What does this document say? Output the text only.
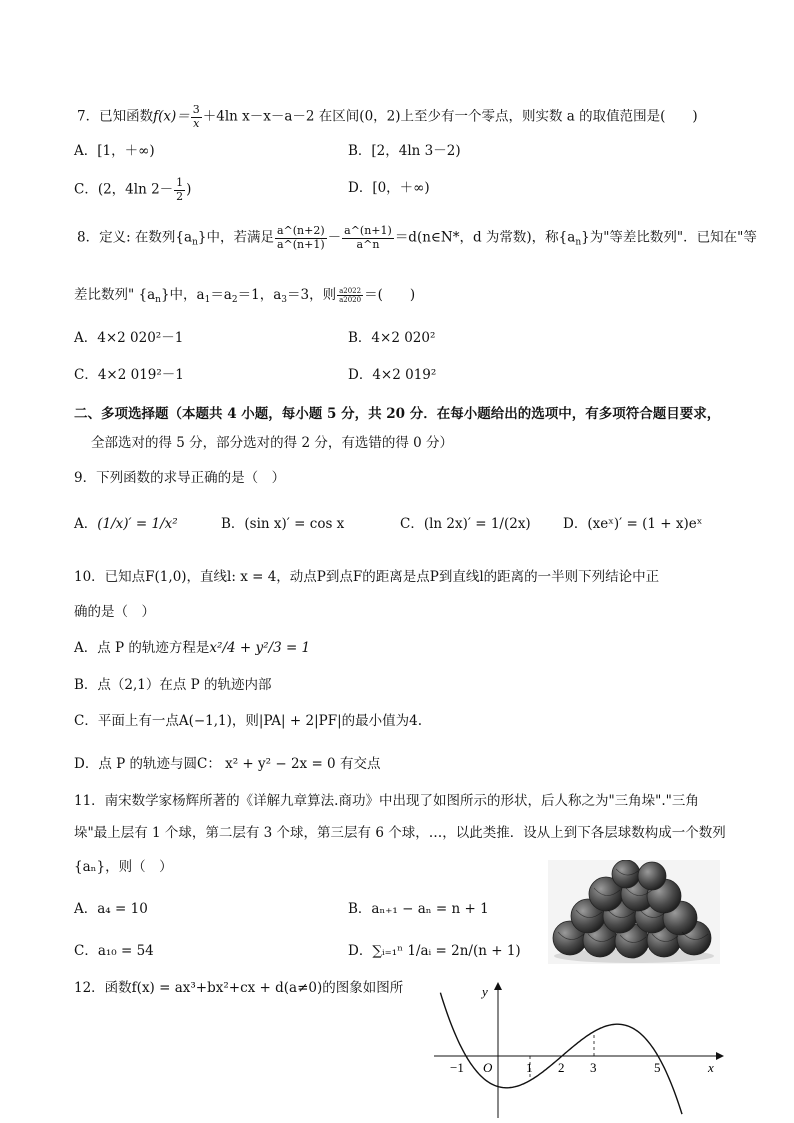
7．已知函数$f(x)= \frac{3}{x} +4\ln$ x－x－a－2 在区间(0，2)上至少有一个零点，则实数 a 的取值范围是(　　)
A．[1，＋∞)	B．[2，4ln 3－2)
C．(2，4ln $2- \frac{1}{2}$ )	D．[0，＋∞)
8．定义: 在数列$\{a_n\}$中，若满足 $\frac{a\^{}(n+2)}{a\^{}(n+1)} - \frac{a\^{}(n+1)}{a\^{}n}$ ＝d(n∈N*，d 为常数)，称$\{a_n\}$为"等差比数列"．已知在"等
差比数列" $\{a_n\}$中，$a_1=a_2=1$，$a_3=3$，则 $\frac{a2022}{a2020}$ ＝(　　)
A．4×2 020²－1	B．4×2 020²
C．4×2 019²－1	D．4×2 019²
二、多项选择题（本题共 4 小题，每小题 5 分，共 20 分．在每小题给出的选项中，有多项符合题目要求，
全部选对的得 5 分，部分选对的得 2 分，有选错的得 0 分）
9．下列函数的求导正确的是（　）
A．(1/x)′ = 1/x²	B．(sin x)′ = cos x	C．(ln 2x)′ = 1/(2x) D．(xeˣ)′ = (1 + x)eˣ
10．已知点F(1,0)，直线l: x = 4，动点P到点F的距离是点P到直线l的距离的一半则下列结论中正
确的是（　）
A．点 P 的轨迹方程是x²/4 + y²/3 = 1
B．点（2,1）在点 P 的轨迹内部
C．平面上有一点A(−1,1)，则|PA| + 2|PF|的最小值为4.
D．点 P 的轨迹与圆C： x² + y² − 2x = 0 有交点
11．南宋数学家杨辉所著的《详解九章算法.商功》中出现了如图所示的形状，后人称之为"三角垛"."三角
垛"最上层有 1 个球，第二层有 3 个球，第三层有 6 个球，…，以此类推．设从上到下各层球数构成一个数列
{aₙ}，则（　）
A．a₄ = 10	B．aₙ₊₁ − aₙ = n + 1
C．a₁₀ = 54	D．∑ᵢ₌₁ⁿ 1/aᵢ = 2n/(n + 1)
12．函数f(x) = ax³+bx²+cx + d(a≠0)的图象如图所	y
x
O
−1	1 2 3	5
